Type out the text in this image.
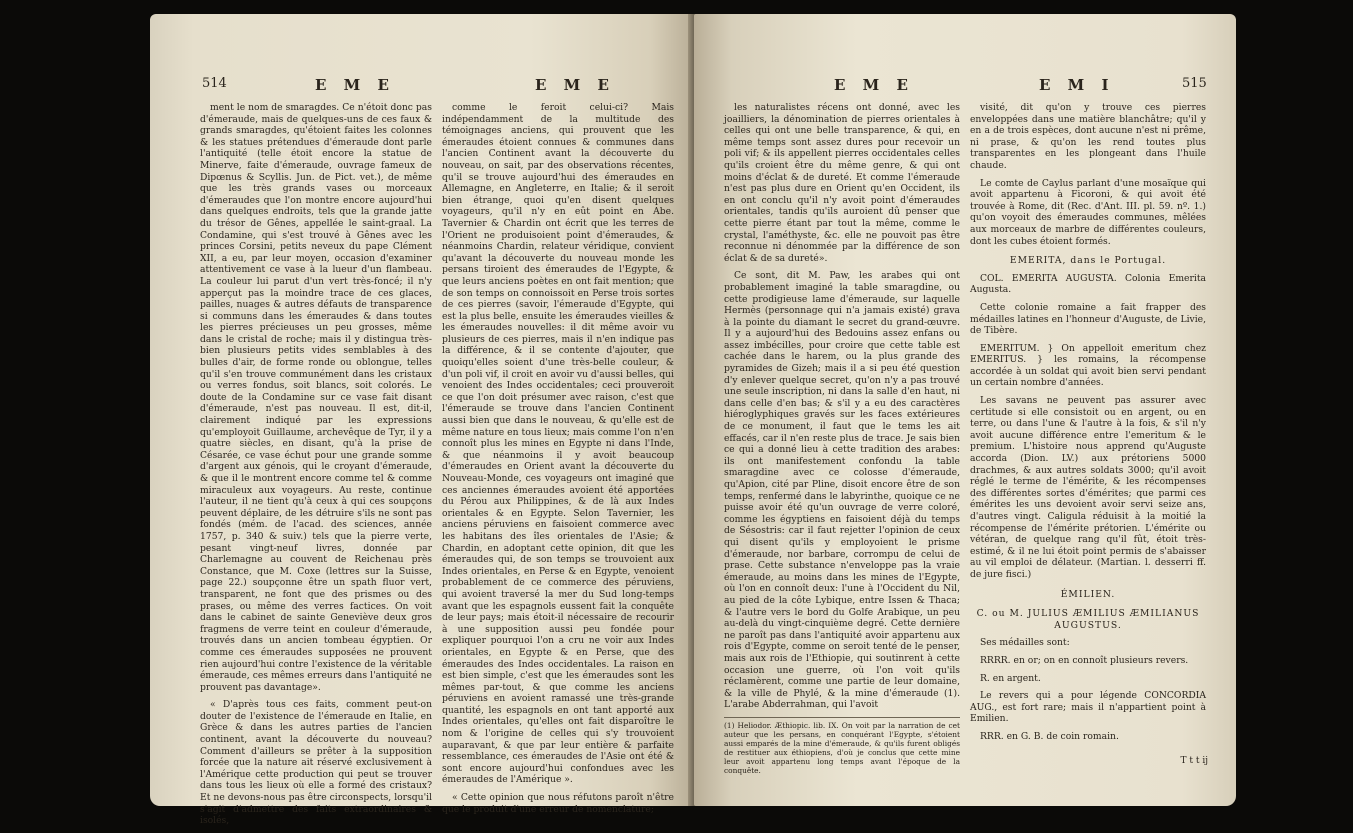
514	E M E	E M E

ment le nom de smaragdes. Ce n'étoit donc pas d'émeraude, mais de quelques-uns de ces faux & grands smaragdes, qu'étoient faites les colonnes & les statues prétendues d'émeraude dont parle l'antiquité (telle étoit encore la statue de Minerve, faite d'émeraude, ouvrage fameux de Dipœnus & Scyllis. Jun. de Pict. vet.), de même que les très grands vases ou morceaux d'émeraudes que l'on montre encore aujourd'hui dans quelques endroits, tels que la grande jatte du trésor de Gênes, appellée le saint-graal. La Condamine, qui s'est trouvé à Gênes avec les princes Corsini, petits neveux du pape Clément XII, a eu, par leur moyen, occasion d'examiner attentivement ce vase à la lueur d'un flambeau. La couleur lui parut d'un vert très-foncé; il n'y apperçut pas la moindre trace de ces glaces, pailles, nuages & autres défauts de transparence si communs dans les émeraudes & dans toutes les pierres précieuses un peu grosses, même dans le cristal de roche; mais il y distingua très-bien plusieurs petits vides semblables à des bulles d'air, de forme ronde ou oblongue, telles qu'il s'en trouve communément dans les cristaux ou verres fondus, soit blancs, soit colorés. Le doute de la Condamine sur ce vase fait disant d'émeraude, n'est pas nouveau. Il est, dit-il, clairement indiqué par les expressions qu'employoit Guillaume, archevêque de Tyr, il y a quatre siècles, en disant, qu'à la prise de Césarée, ce vase échut pour une grande somme d'argent aux génois, qui le croyant d'émeraude, & que il le montrent encore comme tel & comme miraculeux aux voyageurs. Au reste, continue l'auteur, il ne tient qu'à ceux à qui ces soupçons peuvent déplaire, de les détruire s'ils ne sont pas fondés (mém. de l'acad. des sciences, année 1757, p. 340 & suiv.) tels que la pierre verte, pesant vingt-neuf livres, donnée par Charlemagne au couvent de Reichenau près Constance, que M. Coxe (lettres sur la Suisse, page 22.) soupçonne être un spath fluor vert, transparent, ne font que des prismes ou des prases, ou même des verres factices. On voit dans le cabinet de sainte Geneviève deux gros fragmens de verre teint en couleur d'émeraude, trouvés dans un ancien tombeau égyptien. Or comme ces émeraudes supposées ne prouvent rien aujourd'hui contre l'existence de la véritable émeraude, ces mêmes erreurs dans l'antiquité ne prouvent pas davantage».

« D'après tous ces faits, comment peut-on douter de l'existence de l'émeraude en Italie, en Grèce & dans les autres parties de l'ancien continent, avant la découverte du nouveau? Comment d'ailleurs se prêter à la supposition forcée que la nature ait réservé exclusivement à l'Amérique cette production qui peut se trouver dans tous les lieux où elle a formé des cristaux? Et ne devons-nous pas être circonspects, lorsqu'il s'agit d'admettre des faits extraordinaires & isolés,

comme le feroit celui-ci? Mais indépendamment de la multitude des témoignages anciens, qui prouvent que les émeraudes étoient connues & communes dans l'ancien Continent avant la découverte du nouveau, on sait, par des observations récentes, qu'il se trouve aujourd'hui des émeraudes en Allemagne, en Angleterre, en Italie; & il seroit bien étrange, quoi qu'en disent quelques voyageurs, qu'il n'y en eût point en Abe. Tavernier & Chardin ont écrit que les terres de l'Orient ne produisoient point d'émeraudes, & néanmoins Chardin, relateur véridique, convient qu'avant la découverte du nouveau monde les persans tiroient des émeraudes de l'Egypte, & que leurs anciens poètes en ont fait mention; que de son temps on connoissoit en Perse trois sortes de ces pierres (savoir, l'émeraude d'Egypte, qui est la plus belle, ensuite les émeraudes vieilles & les émeraudes nouvelles: il dit même avoir vu plusieurs de ces pierres, mais il n'en indique pas la différence, & il se contente d'ajouter, que quoiqu'elles soient d'une très-belle couleur, & d'un poli vif, il croit en avoir vu d'aussi belles, qui venoient des Indes occidentales; ceci prouveroit ce que l'on doit présumer avec raison, c'est que l'émeraude se trouve dans l'ancien Continent aussi bien que dans le nouveau, & qu'elle est de même nature en tous lieux; mais comme l'on n'en connoît plus les mines en Egypte ni dans l'Inde, & que néanmoins il y avoit beaucoup d'émeraudes en Orient avant la découverte du Nouveau-Monde, ces voyageurs ont imaginé que ces anciennes émeraudes avoient été apportées du Pérou aux Philippines, & de là aux Indes orientales & en Egypte. Selon Tavernier, les anciens péruviens en faisoient commerce avec les habitans des îles orientales de l'Asie; & Chardin, en adoptant cette opinion, dit que les émeraudes qui, de son temps se trouvoient aux Indes orientales, en Perse & en Egypte, venoient probablement de ce commerce des péruviens, qui avoient traversé la mer du Sud long-temps avant que les espagnols eussent fait la conquête de leur pays; mais étoit-il nécessaire de recourir à une supposition aussi peu fondée pour expliquer pourquoi l'on a cru ne voir aux Indes orientales, en Egypte & en Perse, que des émeraudes des Indes occidentales. La raison en est bien simple, c'est que les émeraudes sont les mêmes par-tout, & que comme les anciens péruviens en avoient ramassé une très-grande quantité, les espagnols en ont tant apporté aux Indes orientales, qu'elles ont fait disparoître le nom & l'origine de celles qui s'y trouvoient auparavant, & que par leur entière & parfaite ressemblance, ces émeraudes de l'Asie ont été & sont encore aujourd'hui confondues avec les émeraudes de l'Amérique ».

« Cette opinion que nous réfutons paroît n'être que le produit d'une erreur de nomenclature;

E M E	E M I	515

les naturalistes récens ont donné, avec les joailliers, la dénomination de pierres orientales à celles qui ont une belle transparence, & qui, en même temps sont assez dures pour recevoir un poli vif; & ils appellent pierres occidentales celles qu'ils croient être du même genre, & qui ont moins d'éclat & de dureté. Et comme l'émeraude n'est pas plus dure en Orient qu'en Occident, ils en ont conclu qu'il n'y avoit point d'émeraudes orientales, tandis qu'ils auroient dû penser que cette pierre étant par tout la même, comme le crystal, l'améthyste, &c. elle ne pouvoit pas être reconnue ni dénommée par la différence de son éclat & de sa dureté».

Ce sont, dit M. Paw, les arabes qui ont probablement imaginé la table smaragdine, ou cette prodigieuse lame d'émeraude, sur laquelle Hermès (personnage qui n'a jamais existé) grava à la pointe du diamant le secret du grand-œuvre. Il y a aujourd'hui des Bedouins assez enfans ou assez imbécilles, pour croire que cette table est cachée dans le harem, ou la plus grande des pyramides de Gizeh; mais il a si peu été question d'y enlever quelque secret, qu'on n'y a pas trouvé une seule inscription, ni dans la salle d'en haut, ni dans celle d'en bas; & s'il y a eu des caractères hiéroglyphiques gravés sur les faces extérieures de ce monument, il faut que le tems les ait effacés, car il n'en reste plus de trace. Je sais bien ce qui a donné lieu à cette tradition des arabes: ils ont manifestement confondu la table smaragdine avec ce colosse d'émeraude, qu'Apion, cité par Pline, disoit encore être de son temps, renfermé dans le labyrinthe, quoique ce ne puisse avoir été qu'un ouvrage de verre coloré, comme les égyptiens en faisoient déjà du temps de Sésostris: car il faut rejetter l'opinion de ceux qui disent qu'ils y employoient le prisme d'émeraude, nor barbare, corrompu de celui de prase. Cette substance n'enveloppe pas la vraie émeraude, au moins dans les mines de l'Egypte, où l'on en connoît deux: l'une à l'Occident du Nil, au pied de la côte Lybique, entre Issen & Thaca; & l'autre vers le bord du Golfe Arabique, un peu au-delà du vingt-cinquième degré. Cette dernière ne paroît pas dans l'antiquité avoir appartenu aux rois d'Egypte, comme on seroit tenté de le penser, mais aux rois de l'Ethiopie, qui soutinrent à cette occasion une guerre, où l'on voit qu'ils réclamèrent, comme une partie de leur domaine, & la ville de Phylé, & la mine d'émeraude (1). L'arabe Abderrahman, qui l'avoit

(1) Heliodor. Æthiopic. lib. IX. On voit par la narration de cet auteur que les persans, en conquérant l'Egypte, s'étoient aussi emparés de la mine d'émeraude, & qu'ils furent obligés de restituer aux éthiopiens, d'où je conclus que cette mine leur avoit appartenu long temps avant l'époque de la conquête.

visité, dit qu'on y trouve ces pierres enveloppées dans une matière blanchâtre; qu'il y en a de trois espèces, dont aucune n'est ni prême, ni prase, & qu'on les rend toutes plus transparentes en les plongeant dans l'huile chaude.

Le comte de Caylus parlant d'une mosaïque qui avoit appartenu à Ficoroni, & qui avoit été trouvée à Rome, dit (Rec. d'Ant. III. pl. 59. nº. 1.) qu'on voyoit des émeraudes communes, mêlées aux morceaux de marbre de différentes couleurs, dont les cubes étoient formés.

EMERITA, dans le Portugal.

COL. EMERITA AUGUSTA. Colonia Emerita Augusta.

Cette colonie romaine a fait frapper des médailles latines en l'honneur d'Auguste, de Livie, de Tibère.

EMERITUM. } On appelloit emeritum chez EMERITUS. } les romains, la récompense accordée à un soldat qui avoit bien servi pendant un certain nombre d'années.

Les savans ne peuvent pas assurer avec certitude si elle consistoit ou en argent, ou en terre, ou dans l'une & l'autre à la fois, & s'il n'y avoit aucune différence entre l'emeritum & le premium. L'histoire nous apprend qu'Auguste accorda (Dion. LV.) aux prétoriens 5000 drachmes, & aux autres soldats 3000; qu'il avoit réglé le terme de l'émérite, & les récompenses des différentes sortes d'émérites; que parmi ces émérites les uns devoient avoir servi seize ans, d'autres vingt. Caligula réduisit à la moitié la récompense de l'émérite prétorien. L'émérite ou vétéran, de quelque rang qu'il fût, étoit très-estimé, & il ne lui étoit point permis de s'abaisser au vil emploi de délateur. (Martian. l. desserri ff. de jure fisci.)

ÉMILIEN.

C. ou M. JULIUS ÆMILIUS ÆMILIANUS AUGUSTUS.

Ses médailles sont:

RRRR. en or; on en connoît plusieurs revers.

R. en argent.

Le revers qui a pour légende CONCORDIA AUG., est fort rare; mais il n'appartient point à Emilien.

RRR. en G. B. de coin romain.

T t t ij
